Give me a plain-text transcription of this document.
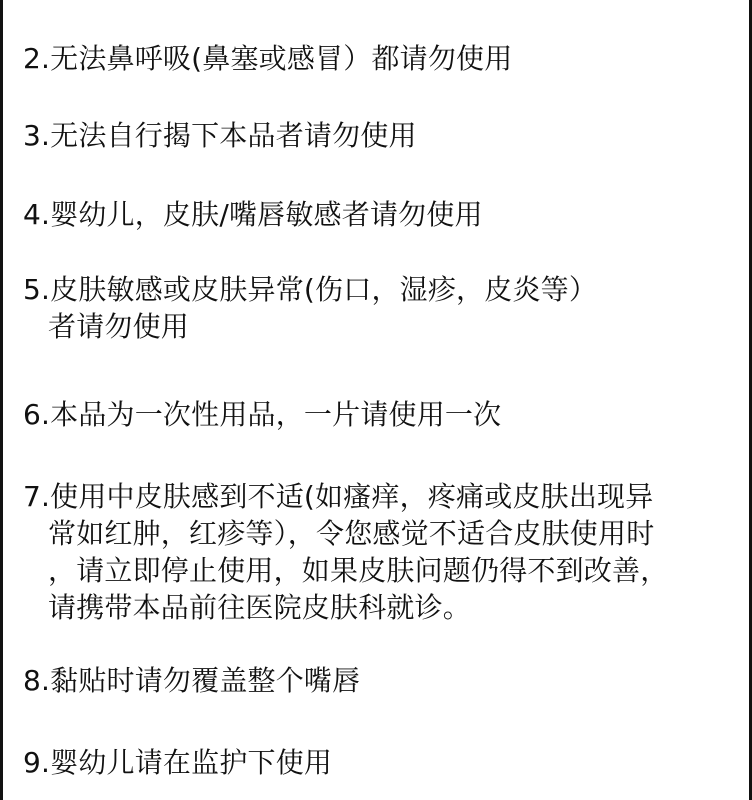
2.无法鼻呼吸(鼻塞或感冒）都请勿使用
3.无法自行揭下本品者请勿使用
4.婴幼儿，皮肤/嘴唇敏感者请勿使用
5.皮肤敏感或皮肤异常(伤口，湿疹，皮炎等）
者请勿使用
6.本品为一次性用品，一片请使用一次
7.使用中皮肤感到不适(如瘙痒，疼痛或皮肤出现异
常如红肿，红疹等），令您感觉不适合皮肤使用时
，请立即停止使用，如果皮肤问题仍得不到改善，
请携带本品前往医院皮肤科就诊。
8.黏贴时请勿覆盖整个嘴唇
9.婴幼儿请在监护下使用
